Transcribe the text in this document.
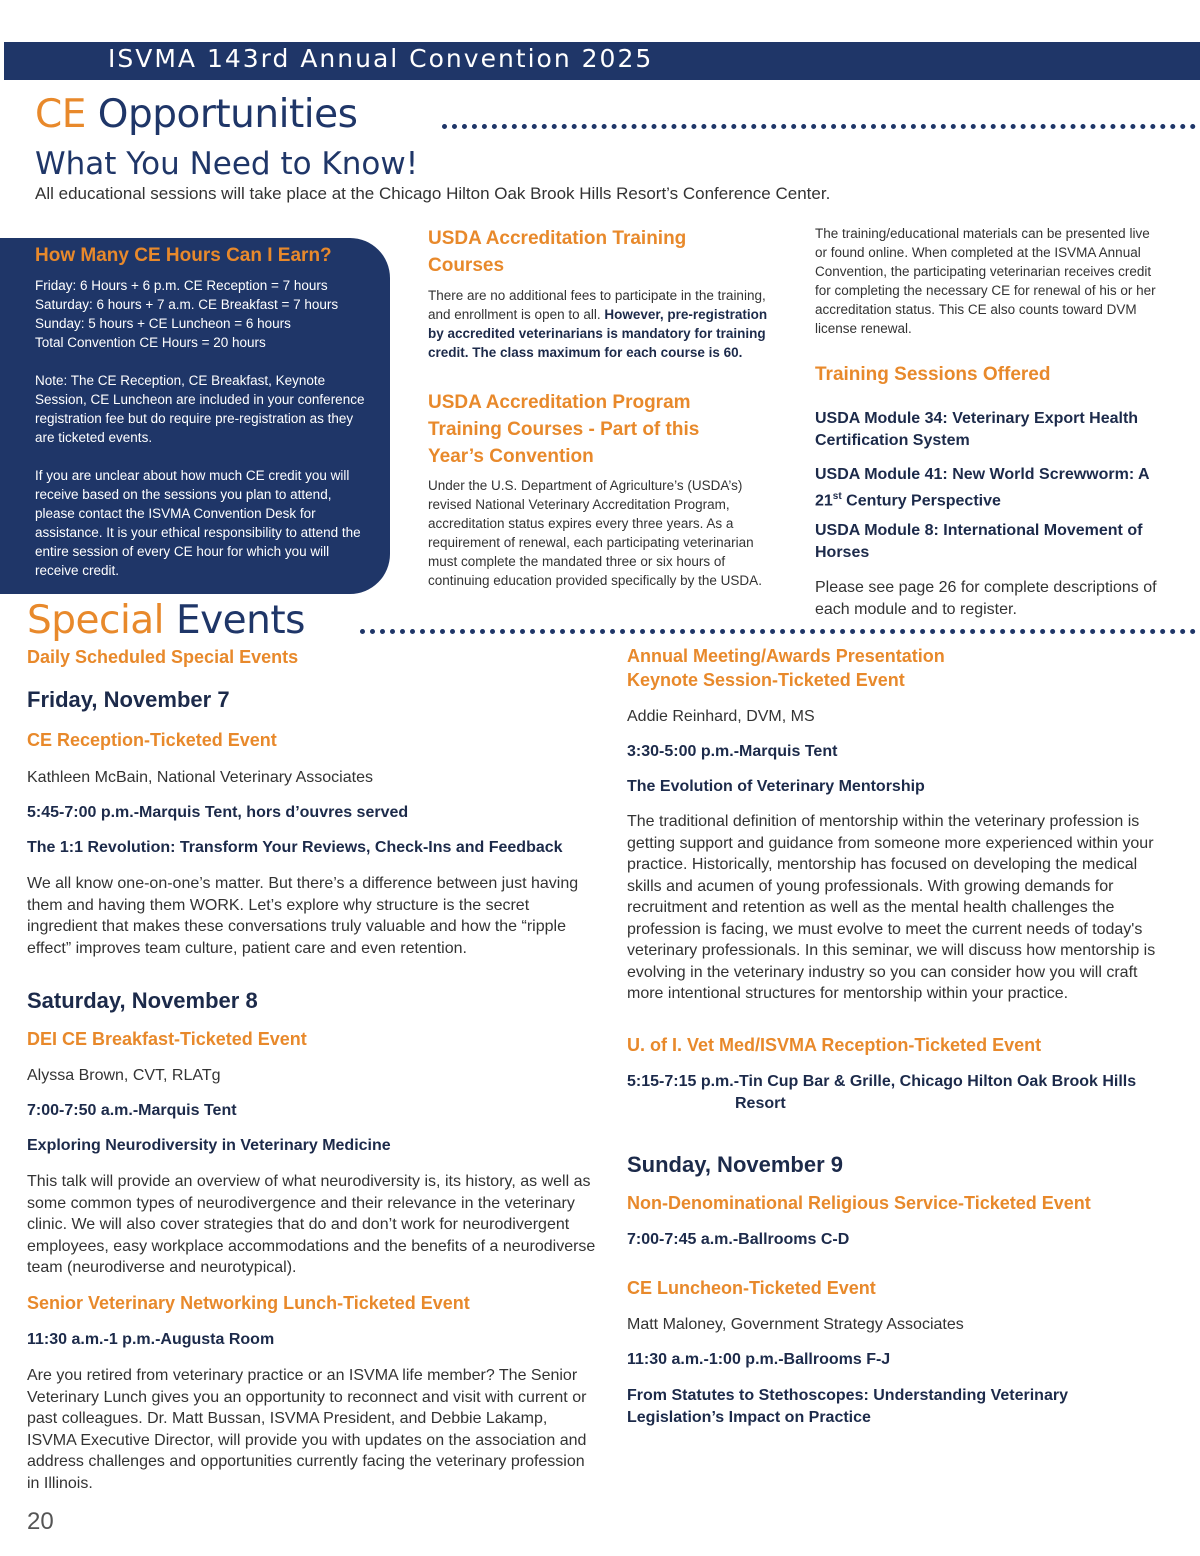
ISVMA 143rd Annual Convention 2025
CE Opportunities
What You Need to Know!
All educational sessions will take place at the Chicago Hilton Oak Brook Hills Resort’s Conference Center.
How Many CE Hours Can I Earn?
Friday: 6 Hours + 6 p.m. CE Reception = 7 hours
Saturday: 6 hours + 7 a.m. CE Breakfast = 7 hours
Sunday: 5 hours + CE Luncheon = 6 hours
Total Convention CE Hours = 20 hours
Note: The CE Reception, CE Breakfast, Keynote Session, CE Luncheon are included in your conference registration fee but do require pre-registration as they are ticketed events.
If you are unclear about how much CE credit you will receive based on the sessions you plan to attend, please contact the ISVMA Convention Desk for assistance. It is your ethical responsibility to attend the entire session of every CE hour for which you will receive credit.
USDA Accreditation Training Courses
There are no additional fees to participate in the training, and enrollment is open to all. However, pre-registration by accredited veterinarians is mandatory for training credit. The class maximum for each course is 60.
USDA Accreditation Program Training Courses - Part of this Year’s Convention
Under the U.S. Department of Agriculture’s (USDA’s) revised National Veterinary Accreditation Program, accreditation status expires every three years. As a requirement of renewal, each participating veterinarian must complete the mandated three or six hours of continuing education provided specifically by the USDA.
The training/educational materials can be presented live or found online. When completed at the ISVMA Annual Convention, the participating veterinarian receives credit for completing the necessary CE for renewal of his or her accreditation status. This CE also counts toward DVM license renewal.
Training Sessions Offered
USDA Module 34: Veterinary Export Health Certification System
USDA Module 41: New World Screwworm: A 21st Century Perspective
USDA Module 8: International Movement of Horses
Please see page 26 for complete descriptions of each module and to register.
Special Events
Daily Scheduled Special Events
Friday, November 7
CE Reception-Ticketed Event
Kathleen McBain, National Veterinary Associates
5:45-7:00 p.m.-Marquis Tent, hors d’ouvres served
The 1:1 Revolution: Transform Your Reviews, Check-Ins and Feedback
We all know one-on-one’s matter. But there’s a difference between just having them and having them WORK. Let’s explore why structure is the secret ingredient that makes these conversations truly valuable and how the “ripple effect” improves team culture, patient care and even retention.
Saturday, November 8
DEI CE Breakfast-Ticketed Event
Alyssa Brown, CVT, RLATg
7:00-7:50 a.m.-Marquis Tent
Exploring Neurodiversity in Veterinary Medicine
This talk will provide an overview of what neurodiversity is, its history, as well as some common types of neurodivergence and their relevance in the veterinary clinic. We will also cover strategies that do and don’t work for neurodivergent employees, easy workplace accommodations and the benefits of a neurodiverse team (neurodiverse and neurotypical).
Senior Veterinary Networking Lunch-Ticketed Event
11:30 a.m.-1 p.m.-Augusta Room
Are you retired from veterinary practice or an ISVMA life member? The Senior Veterinary Lunch gives you an opportunity to reconnect and visit with current or past colleagues. Dr. Matt Bussan, ISVMA President, and Debbie Lakamp, ISVMA Executive Director, will provide you with updates on the association and address challenges and opportunities currently facing the veterinary profession in Illinois.
Annual Meeting/Awards Presentation
Keynote Session-Ticketed Event
Addie Reinhard, DVM, MS
3:30-5:00 p.m.-Marquis Tent
The Evolution of Veterinary Mentorship
The traditional definition of mentorship within the veterinary profession is getting support and guidance from someone more experienced within your practice. Historically, mentorship has focused on developing the medical skills and acumen of young professionals. With growing demands for recruitment and retention as well as the mental health challenges the profession is facing, we must evolve to meet the current needs of today's veterinary professionals. In this seminar, we will discuss how mentorship is evolving in the veterinary industry so you can consider how you will craft more intentional structures for mentorship within your practice.
U. of I. Vet Med/ISVMA Reception-Ticketed Event
5:15-7:15 p.m.-Tin Cup Bar & Grille, Chicago Hilton Oak Brook Hills
Resort
Sunday, November 9
Non-Denominational Religious Service-Ticketed Event
7:00-7:45 a.m.-Ballrooms C-D
CE Luncheon-Ticketed Event
Matt Maloney, Government Strategy Associates
11:30 a.m.-1:00 p.m.-Ballrooms F-J
From Statutes to Stethoscopes: Understanding Veterinary Legislation’s Impact on Practice
20
